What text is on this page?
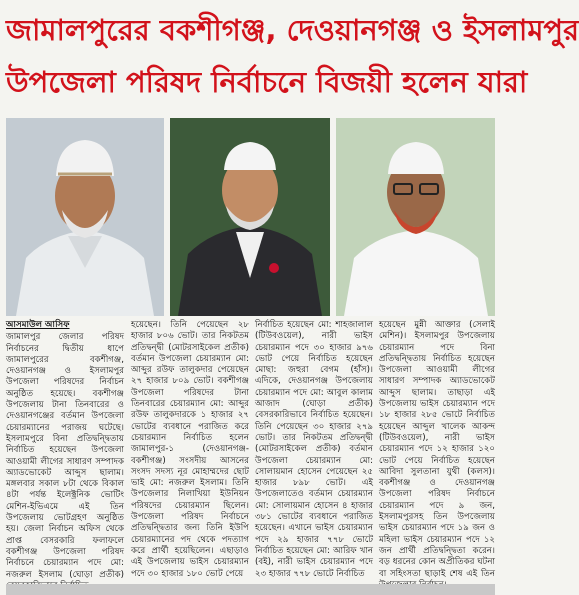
জামালপুরের বকশীগঞ্জ, দেওয়ানগঞ্জ ও ইসলামপুর
উপজেলা পরিষদ নির্বাচনে বিজয়ী হলেন যারা
আসমাউল আসিফ

জামালপুর জেলার পরিষদ নির্বাচনের দ্বিতীয় ধাপে জামালপুরের বকশীগঞ্জ, দেওয়ানগঞ্জ ও ইসলামপুর উপজেলা পরিষদের নির্বাচন অনুষ্ঠিত হয়েছে। বকশীগঞ্জ উপজেলায় টানা তিনবারের ও দেওয়ানগঞ্জের বর্তমান উপজেলা চেয়ারম্যানের পরাজয় ঘটেছে। ইসলামপুরে বিনা প্রতিদ্বন্দ্বিতায় নির্বাচিত হয়েছেন উপজেলা আওয়ামী লীগের সাধারণ সম্পাদক অ্যাডভোকেট আব্দুস ছালাম। মঙ্গলবার সকাল ৮টা থেকে বিকাল ৪টা পর্যন্ত ইলেক্ট্রনিক ভোটিং মেশিন-ইভিএমে এই তিন উপজেলায় ভোটগ্রহণ অনুষ্ঠিত হয়। জেলা নির্বাচন অফিস থেকে প্রাপ্ত বেসরকারি ফলাফলে বকশীগঞ্জ উপজেলা পরিষদ নির্বাচনে চেয়ারম্যান পদে মো: নজরুল ইসলাম (ঘোড়া প্রতীক)

হয়েছেন। তিনি পেয়েছেন ২৮ হাজার ৮০৬ ভোট। তার নিকটতম প্রতিদ্বন্দ্বী (মোটরসাইকেল প্রতীক) বর্তমান উপজেলা চেয়ারম্যান মো: আব্দুর রউফ তালুকদার পেয়েছেন ২৭ হাজার ৮০৯ ভোট। বকশীগঞ্জ উপজেলা পরিষদের টানা তিনবারের চেয়ারম্যান মো: আব্দুর রউফ তালুকদারকে ১ হাজার ২৭ ভোটের ব্যবধানে পরাজিত করে চেয়ারম্যান নির্বাচিত হলেন জামালপুর-১ (দেওয়ানগঞ্জ-বকশীগঞ্জ) সংসদীয় আসনের সংসদ সদস্য নূর মোহাম্মদের ছোট ভাই মো: নজরুল ইসলাম। তিনি উপজেলার নিলাখিয়া ইউনিয়ন পরিষদের চেয়ারম্যান ছিলেন। উপজেলা পরিষদ নির্বাচনে প্রতিদ্বন্দ্বিতার জন্য তিনি ইউপি চেয়ারম্যানের পদ থেকে পদত্যাগ করে প্রার্থী হয়েছিলেন। এছাড়াও এই উপজেলায় ভাইস চেয়ারম্যান পদে ৩০ হাজার ১৮০ ভোট পেয়ে

নির্বাচিত হয়েছেন মো: শাহজালাল (টিউবওয়েল), নারী ভাইস চেয়ারম্যান পদে ৩০ হাজার ৯৭৬ ভোট পেয়ে নির্বাচিত হয়েছেন মোছা: জহুরা বেগম (হাঁস)। এদিকে, দেওয়ানগঞ্জ উপজেলায় চেয়ারম্যান পদে মো: আবুল কালাম আজাদ (ঘোড়া প্রতীক) বেসরকারিভাবে নির্বাচিত হয়েছেন। তিনি পেয়েছেন ৩০ হাজার ২৭৯ ভোট। তার নিকটতম প্রতিদ্বন্দ্বী (মোটরসাইকেল প্রতীক) বর্তমান উপজেলা চেয়ারম্যান মো: সোলায়মান হোসেন পেয়েছেন ২৫ হাজার ৮৯৮ ভোট। এই উপজেলাতেও বর্তমান চেয়ারম্যান মো: সোলায়মান হোসেন ৪ হাজার ৩৮১ ভোটের ব্যবধানে পরাজিত হয়েছেন। এখানে ভাইস চেয়ারম্যান পদে ২৯ হাজার ৭৭৮ ভোটে নির্বাচিত হয়েছেন মো: আরিফ খান (বই), নারী ভাইস চেয়ারম্যান পদে ২৩ হাজার ৭৭৮ ভোটে নির্বাচিত

হয়েছেন মুন্নী আক্তার (সেলাই মেশিন)। ইসলামপুর উপজেলায় চেয়ারম্যান পদে বিনা প্রতিদ্বন্দ্বিতায় নির্বাচিত হয়েছেন উপজেলা আওয়ামী লীগের সাধারণ সম্পাদক অ্যাডভোকেট আব্দুস ছালাম। তাছাড়া এই উপজেলায় ভাইস চেয়ারম্যান পদে ১৮ হাজার ২৮৫ ভোটে নির্বাচিত হয়েছেন আব্দুল খালেক আকন্দ (টিউবওয়েল), নারী ভাইস চেয়ারম্যান পদে ১২ হাজার ১২০ ভোট পেয়ে নির্বাচিত হয়েছেন আবিদা সুলতানা যুথী (কলস)। বকশীগঞ্জ ও দেওয়ানগঞ্জ উপজেলা পরিষদ নির্বাচনে চেয়ারম্যান পদে ৯ জন, ইসলামপুরসহ তিন উপজেলায় ভাইস চেয়ারম্যান পদে ১৯ জন ও মহিলা ভাইস চেয়ারম্যান পদে ১২ জন প্রার্থী প্রতিদ্বন্দ্বিতা করেন। বড় ধরনের কোন অপ্রীতিকর ঘটনা বা সহিংসতা ছাড়াই শেষ এই তিন
